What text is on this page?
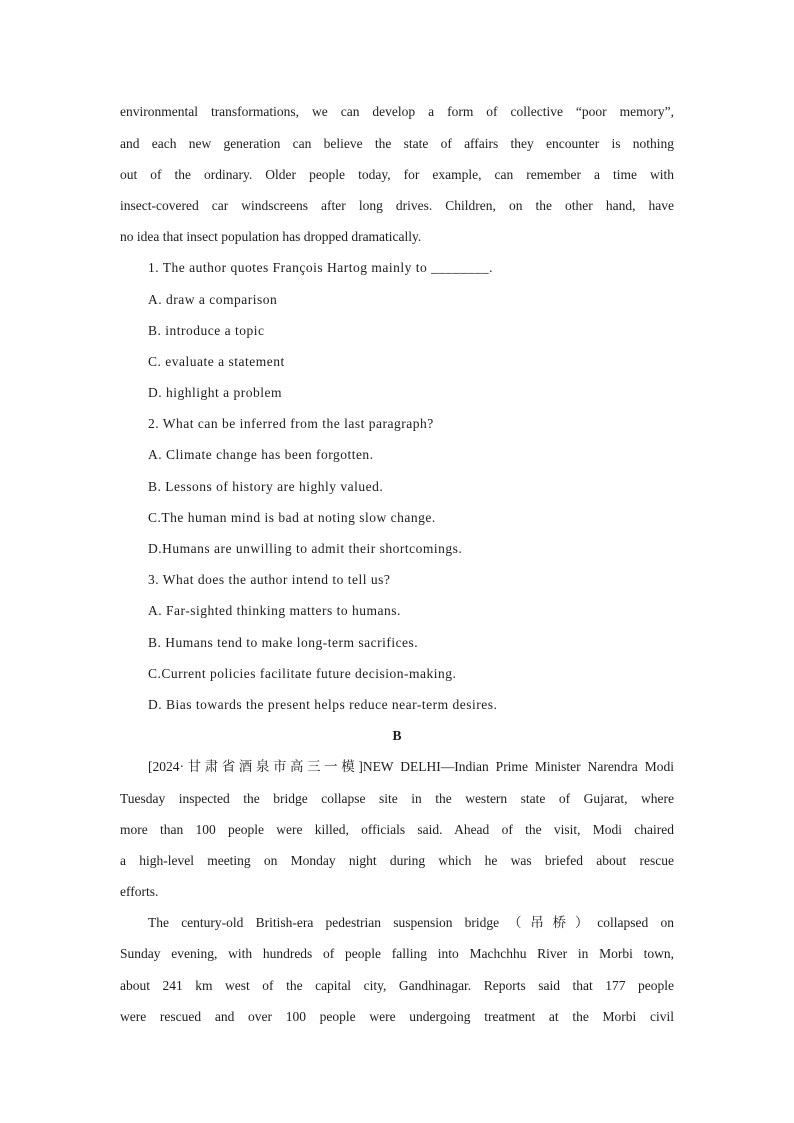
environmental transformations, we can develop a form of collective “poor memory”,
and each new generation can believe the state of affairs they encounter is nothing
out of the ordinary. Older people today, for example, can remember a time with
insect-covered car windscreens after long drives. Children, on the other hand, have
no idea that insect population has dropped dramatically.
1. The author quotes François Hartog mainly to ________.
A. draw a comparison
B. introduce a topic
C. evaluate a statement
D. highlight a problem
2. What can be inferred from the last paragraph?
A. Climate change has been forgotten.
B. Lessons of history are highly valued.
C.The human mind is bad at noting slow change.
D.Humans are unwilling to admit their shortcomings.
3. What does the author intend to tell us?
A. Far-sighted thinking matters to humans.
B. Humans tend to make long-term sacrifices.
C.Current policies facilitate future decision-making.
D. Bias towards the present helps reduce near-term desires.
B
[2024·甘肃省酒泉市高三一模]NEW DELHI—Indian Prime Minister Narendra Modi
Tuesday inspected the bridge collapse site in the western state of Gujarat, where
more than 100 people were killed, officials said. Ahead of the visit, Modi chaired
a high-level meeting on Monday night during which he was briefed about rescue
efforts.
The century-old British-era pedestrian suspension bridge（吊桥）collapsed on
Sunday evening, with hundreds of people falling into Machchhu River in Morbi town,
about 241 km west of the capital city, Gandhinagar. Reports said that 177 people
were rescued and over 100 people were undergoing treatment at the Morbi civil
